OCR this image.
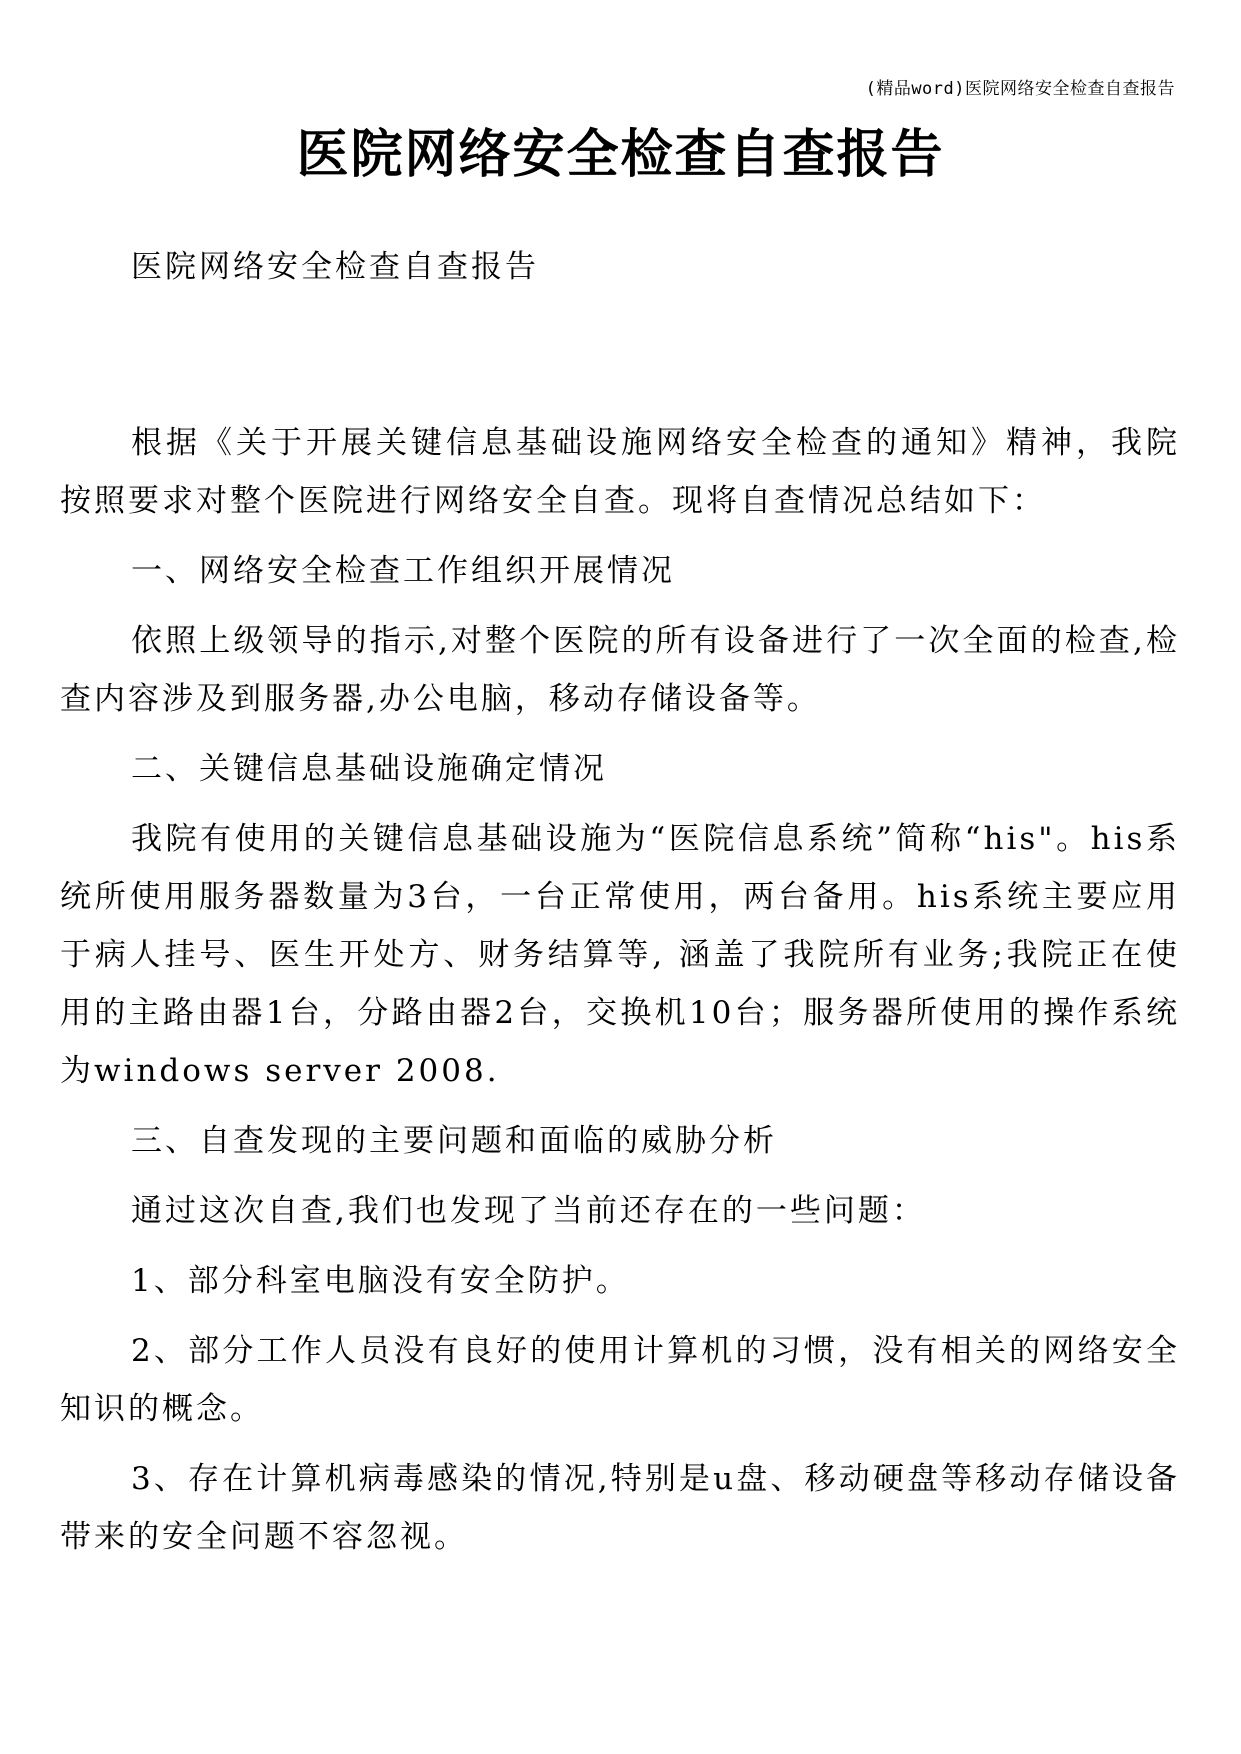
(精品word)医院网络安全检查自查报告
医院网络安全检查自查报告

医院网络安全检查自查报告

根据《关于开展关键信息基础设施网络安全检查的通知》精神，我院按照要求对整个医院进行网络安全自查。现将自查情况总结如下：

一、网络安全检查工作组织开展情况

依照上级领导的指示,对整个医院的所有设备进行了一次全面的检查,检查内容涉及到服务器,办公电脑，移动存储设备等。

二、关键信息基础设施确定情况

我院有使用的关键信息基础设施为“医院信息系统”简称“his"。his系统所使用服务器数量为3台，一台正常使用，两台备用。his系统主要应用于病人挂号、医生开处方、财务结算等, 涵盖了我院所有业务;我院正在使用的主路由器1台，分路由器2台，交换机10台；服务器所使用的操作系统为windows server 2008.

三、自查发现的主要问题和面临的威胁分析

通过这次自查,我们也发现了当前还存在的一些问题：

1、部分科室电脑没有安全防护。

2、部分工作人员没有良好的使用计算机的习惯，没有相关的网络安全知识的概念。

3、存在计算机病毒感染的情况,特别是u盘、移动硬盘等移动存储设备带来的安全问题不容忽视。
